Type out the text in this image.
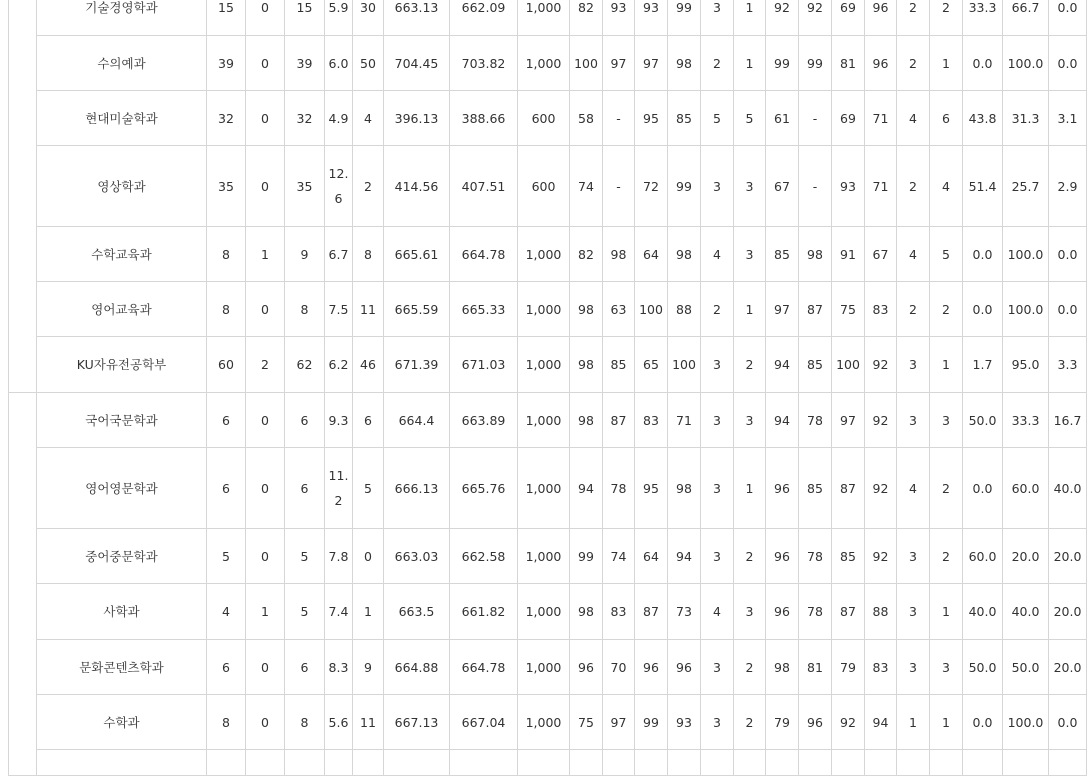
	기술경영학과	15	0	15	5.9	30	663.13	662.09	1,000	82	93	93	99	3	1	92	92	69	96	2	2	33.3	66.7	0.0
	수의예과	39	0	39	6.0	50	704.45	703.82	1,000	100	97	97	98	2	1	99	99	81	96	2	1	0.0	100.0	0.0
	현대미술학과	32	0	32	4.9	4	396.13	388.66	600	58	-	95	85	5	5	61	-	69	71	4	6	43.8	31.3	3.1
	영상학과	35	0	35	12.6	2	414.56	407.51	600	74	-	72	99	3	3	67	-	93	71	2	4	51.4	25.7	2.9
	수학교육과	8	1	9	6.7	8	665.61	664.78	1,000	82	98	64	98	4	3	85	98	91	67	4	5	0.0	100.0	0.0
	영어교육과	8	0	8	7.5	11	665.59	665.33	1,000	98	63	100	88	2	1	97	87	75	83	2	2	0.0	100.0	0.0
	KU자유전공학부	60	2	62	6.2	46	671.39	671.03	1,000	98	85	65	100	3	2	94	85	100	92	3	1	1.7	95.0	3.3
	국어국문학과	6	0	6	9.3	6	664.4	663.89	1,000	98	87	83	71	3	3	94	78	97	92	3	3	50.0	33.3	16.7
	영어영문학과	6	0	6	11.2	5	666.13	665.76	1,000	94	78	95	98	3	1	96	85	87	92	4	2	0.0	60.0	40.0
	중어중문학과	5	0	5	7.8	0	663.03	662.58	1,000	99	74	64	94	3	2	96	78	85	92	3	2	60.0	20.0	20.0
	사학과	4	1	5	7.4	1	663.5	661.82	1,000	98	83	87	73	4	3	96	78	87	88	3	1	40.0	40.0	20.0
	문화콘텐츠학과	6	0	6	8.3	9	664.88	664.78	1,000	96	70	96	96	3	2	98	81	79	83	3	3	50.0	50.0	20.0
	수학과	8	0	8	5.6	11	667.13	667.04	1,000	75	97	99	93	3	2	79	96	92	94	1	1	0.0	100.0	0.0
